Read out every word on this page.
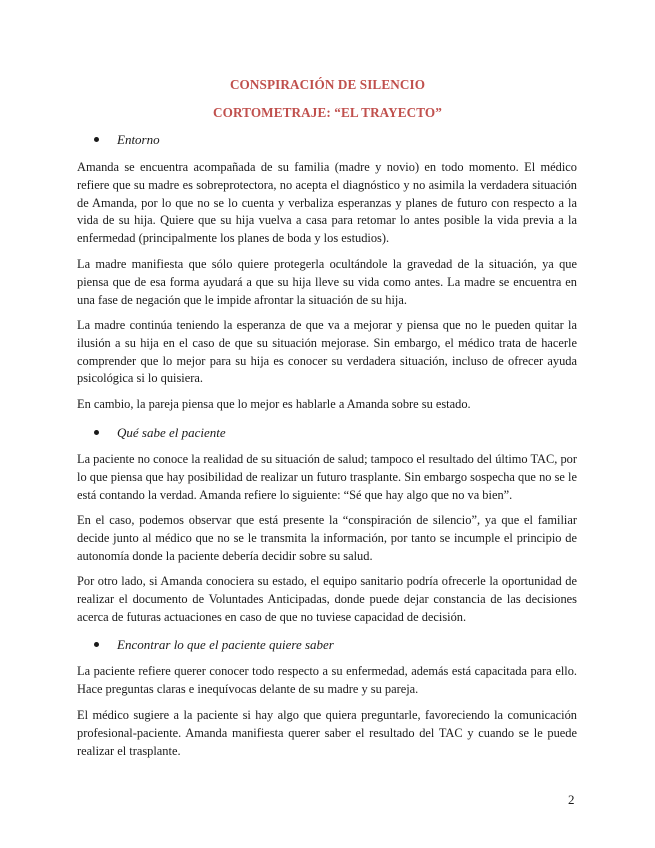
CONSPIRACIÓN DE SILENCIO
CORTOMETRAJE: “EL TRAYECTO”
Entorno

Amanda se encuentra acompañada de su familia (madre y novio) en todo momento. El médico refiere que su madre es sobreprotectora, no acepta el diagnóstico y no asimila la verdadera situación de Amanda, por lo que no se lo cuenta y verbaliza esperanzas y planes de futuro con respecto a la vida de su hija. Quiere que su hija vuelva a casa para retomar lo antes posible la vida previa a la enfermedad (principalmente los planes de boda y los estudios).

La madre manifiesta que sólo quiere protegerla ocultándole la gravedad de la situación, ya que piensa que de esa forma ayudará a que su hija lleve su vida como antes. La madre se encuentra en una fase de negación que le impide afrontar la situación de su hija.

La madre continúa teniendo la esperanza de que va a mejorar y piensa que no le pueden quitar la ilusión a su hija en el caso de que su situación mejorase. Sin embargo, el médico trata de hacerle comprender que lo mejor para su hija es conocer su verdadera situación, incluso de ofrecer ayuda psicológica si lo quisiera.

En cambio, la pareja piensa que lo mejor es hablarle a Amanda sobre su estado.

Qué sabe el paciente

La paciente no conoce la realidad de su situación de salud; tampoco el resultado del último TAC, por lo que piensa que hay posibilidad de realizar un futuro trasplante. Sin embargo sospecha que no se le está contando la verdad. Amanda refiere lo siguiente: “Sé que hay algo que no va bien”.

En el caso, podemos observar que está presente la “conspiración de silencio”, ya que el familiar decide junto al médico que no se le transmita la información, por tanto se incumple el principio de autonomía donde la paciente debería decidir sobre su salud.

Por otro lado, si Amanda conociera su estado, el equipo sanitario podría ofrecerle la oportunidad de realizar el documento de Voluntades Anticipadas, donde puede dejar constancia de las decisiones acerca de futuras actuaciones en caso de que no tuviese capacidad de decisión.

Encontrar lo que el paciente quiere saber

La paciente refiere querer conocer todo respecto a su enfermedad, además está capacitada para ello. Hace preguntas claras e inequívocas delante de su madre y su pareja.

El médico sugiere a la paciente si hay algo que quiera preguntarle, favoreciendo la comunicación profesional-paciente. Amanda manifiesta querer saber el resultado del TAC y cuando se le puede realizar el trasplante.

2
